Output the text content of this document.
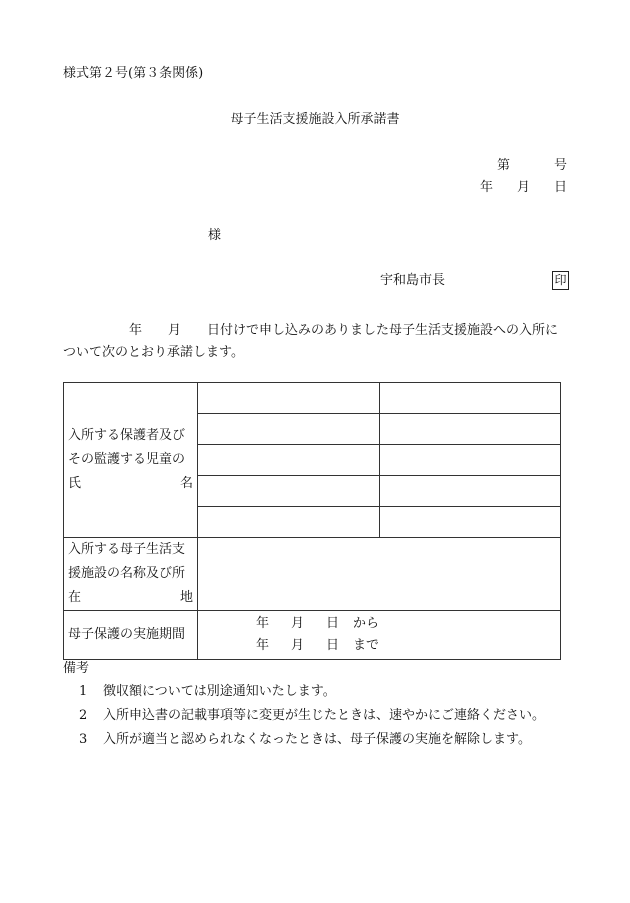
様式第２号(第３条関係)
母子生活支援施設入所承諾書
第	号
年 月 日
様
宇和島市長	印
年 月 日付けで申し込みのありました母子生活支援施設への入所について次のとおり承諾します。
入所する保護者及び
その監護する児童の
氏 名		

入所する母子生活支
援施設の名称及び所
在 地		

母子保護の実施期間	年 月 日 から
年 月 日 まで	
備考
1 徴収額については別途通知いたします。
2 入所申込書の記載事項等に変更が生じたときは、速やかにご連絡ください。
3 入所が適当と認められなくなったときは、母子保護の実施を解除します。
